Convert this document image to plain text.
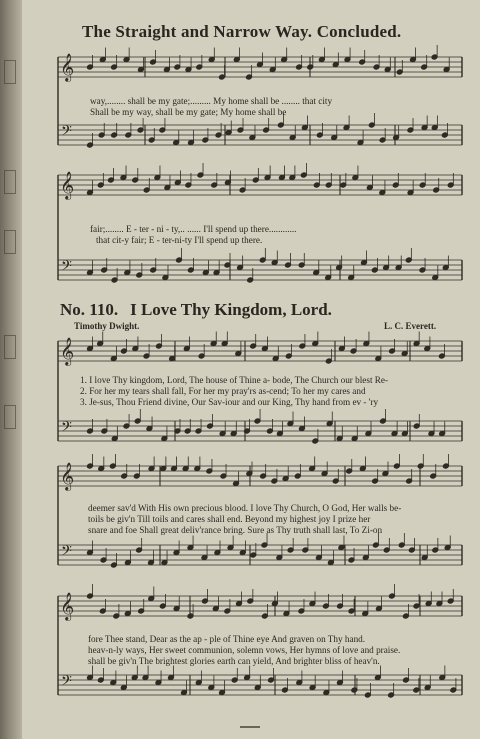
𝄞
𝄢
𝄞
𝄢
𝄞
𝄢
𝄞
𝄢
𝄞
𝄢
The Straight and Narrow Way. Concluded.
way,........ shall be my gate;......... My home shall be ........ that city
Shall be my way, shall be my gate; My home shall be
fair;........ E - ter - ni - ty,.. ...... I'll spend up there............
that cit-y fair; E - ter-ni-ty I'll spend up there.
No. 110. I Love Thy Kingdom, Lord.
Timothy Dwight.	L. C. Everett.
1. I love Thy kingdom, Lord, The house of Thine a- bode, The Church our blest Re-
2. For her my tears shall fall, For her my pray'rs as-cend; To her my cares and
3. Je-sus, Thou Friend divine, Our Sav-iour and our King, Thy hand from ev - 'ry
deemer sav'd With His own precious blood. I love Thy Church, O God, Her walls be-
toils be giv'n Till toils and cares shall end. Beyond my highest joy I prize her
snare and foe Shall great deliv'rance bring. Sure as Thy truth shall last, To Zi-on
fore Thee stand, Dear as the ap - ple of Thine eye And graven on Thy hand.
heav-n-ly ways, Her sweet communion, solemn vows, Her hymns of love and praise.
shall be giv'n The brightest glories earth can yield, And brighter bliss of heav'n.
